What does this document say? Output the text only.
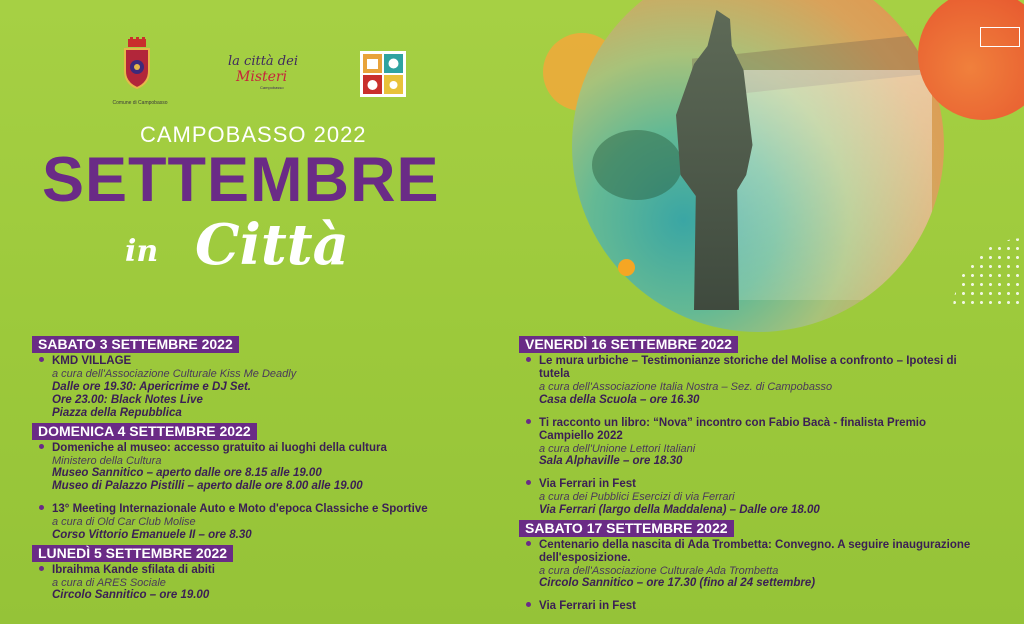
Comune di Campobasso
la città dei
Misteri
Campobasso
CAMPOBASSO 2022
SETTEMBRE
in Città
SABATO 3 SETTEMBRE 2022
KMD VILLAGE
a cura dell'Associazione Culturale Kiss Me Deadly
Dalle ore 19.30: Apericrime e DJ Set.
Ore 23.00: Black Notes Live
Piazza della Repubblica
DOMENICA 4 SETTEMBRE 2022
Domeniche al museo: accesso gratuito ai luoghi della cultura
Ministero della Cultura
Museo Sannitico – aperto dalle ore 8.15 alle 19.00
Museo di Palazzo Pistilli – aperto dalle ore 8.00 alle 19.00
13° Meeting Internazionale Auto e Moto d'epoca Classiche e Sportive
a cura di Old Car Club Molise
Corso Vittorio Emanuele II – ore 8.30
LUNEDÌ 5 SETTEMBRE 2022
Ibraihma Kande sfilata di abiti
a cura di ARES Sociale
Circolo Sannitico – ore 19.00
VENERDÌ 16 SETTEMBRE 2022
Le mura urbiche – Testimonianze storiche del Molise a confronto – Ipotesi di tutela
a cura dell'Associazione Italia Nostra – Sez. di Campobasso
Casa della Scuola – ore 16.30
Ti racconto un libro: “Nova” incontro con Fabio Bacà - finalista Premio Campiello 2022
a cura dell'Unione Lettori Italiani
Sala Alphaville – ore 18.30
Via Ferrari in Fest
a cura dei Pubblici Esercizi di via Ferrari
Via Ferrari (largo della Maddalena) – Dalle ore 18.00
SABATO 17 SETTEMBRE 2022
Centenario della nascita di Ada Trombetta: Convegno. A seguire inaugurazione dell'esposizione.
a cura dell'Associazione Culturale Ada Trombetta
Circolo Sannitico – ore 17.30 (fino al 24 settembre)
Via Ferrari in Fest
